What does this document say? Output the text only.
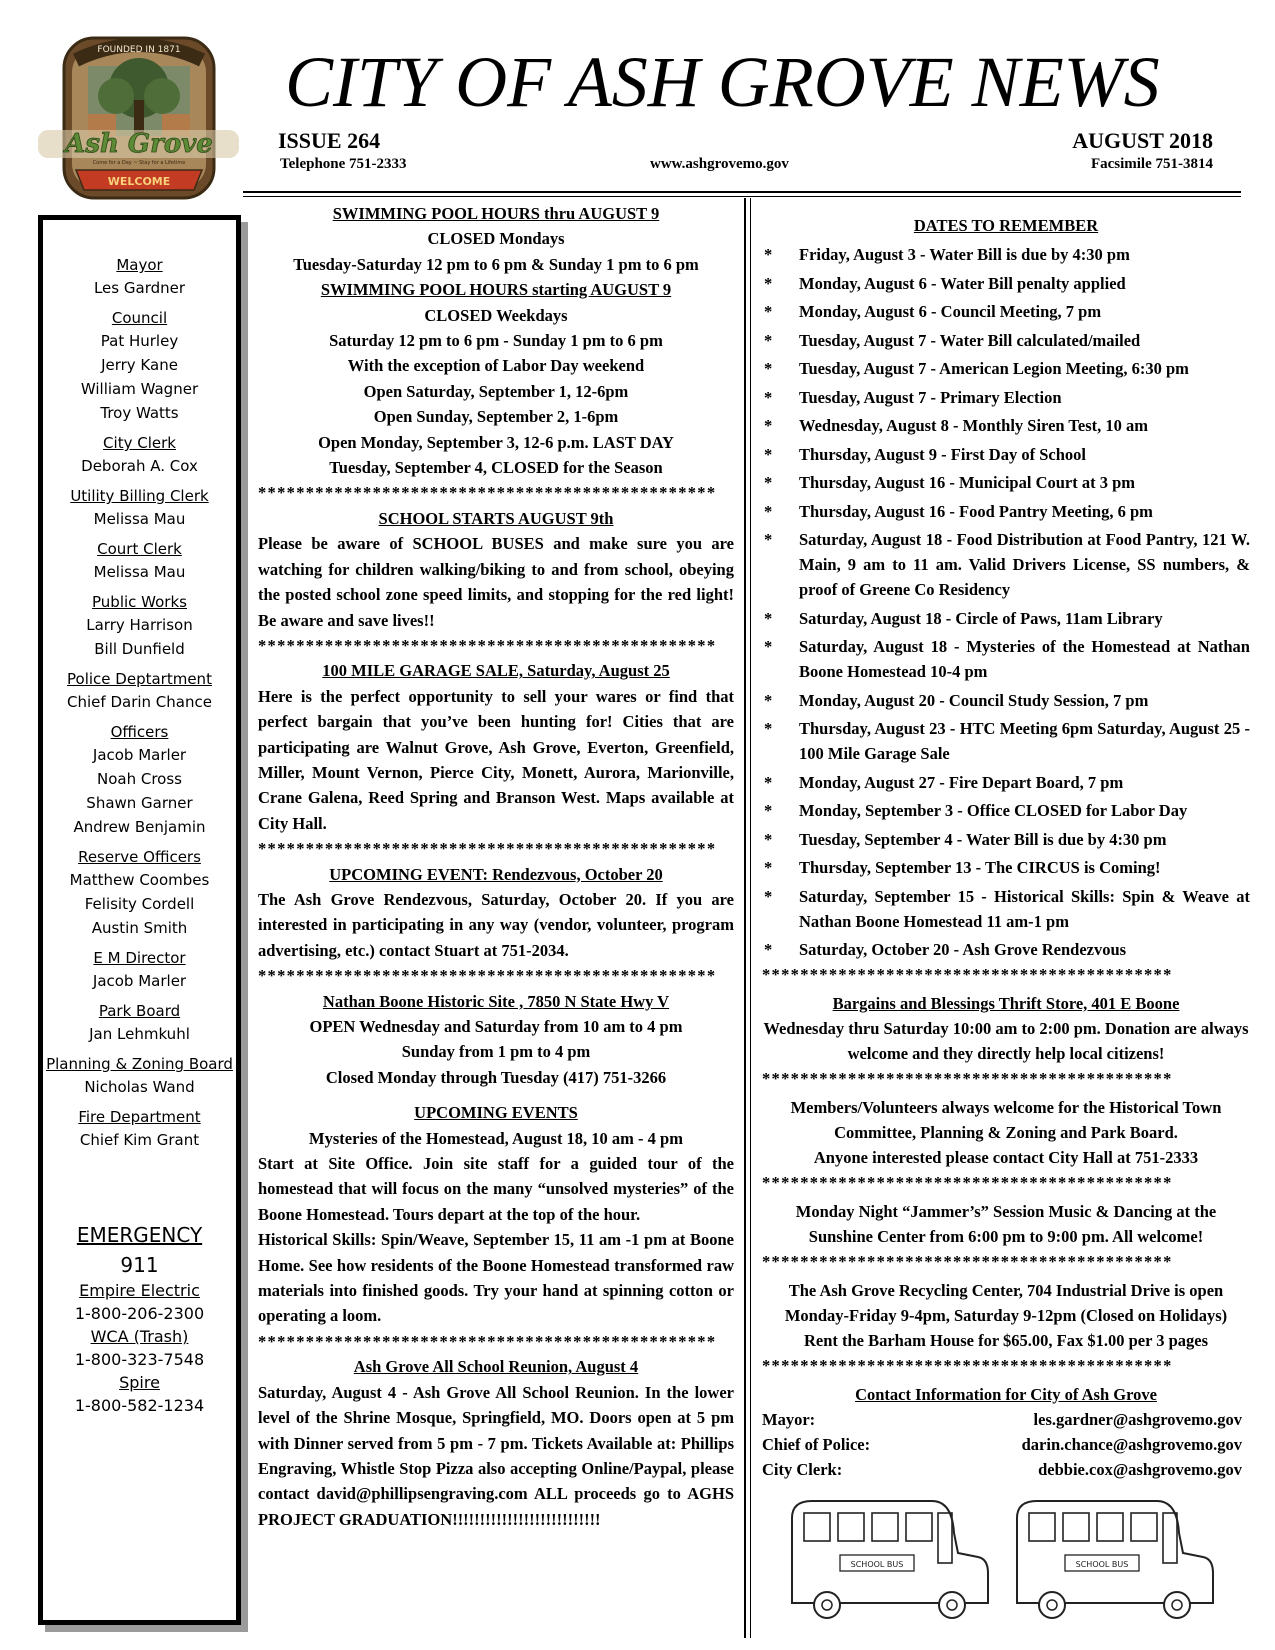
FOUNDED IN 1871
Ash Grove
Come for a Day ~ Stay for a Lifetime
WELCOME
CITY OF ASH GROVE NEWS
ISSUE 264	AUGUST 2018
Telephone 751-2333	www.ashgrovemo.gov	Facsimile 751-3814
Mayor
Les Gardner
Council
Pat Hurley
Jerry Kane
William Wagner
Troy Watts
City Clerk
Deborah A. Cox
Utility Billing Clerk
Melissa Mau
Court Clerk
Melissa Mau
Public Works
Larry Harrison
Bill Dunfield
Police Deptartment
Chief Darin Chance
Officers
Jacob Marler
Noah Cross
Shawn Garner
Andrew Benjamin
Reserve Officers
Matthew Coombes
Felisity Cordell
Austin Smith
E M Director
Jacob Marler
Park Board
Jan Lehmkuhl
Planning & Zoning Board
Nicholas Wand
Fire Department
Chief Kim Grant
EMERGENCY
911
Empire Electric
1-800-206-2300
WCA (Trash)
1-800-323-7548
Spire
1-800-582-1234
SWIMMING POOL HOURS thru AUGUST 9
CLOSED Mondays
Tuesday-Saturday 12 pm to 6 pm & Sunday 1 pm to 6 pm
SWIMMING POOL HOURS starting AUGUST 9
CLOSED Weekdays
Saturday 12 pm to 6 pm - Sunday 1 pm to 6 pm
With the exception of Labor Day weekend
Open Saturday, September 1, 12-6pm
Open Sunday, September 2, 1-6pm
Open Monday, September 3, 12-6 p.m. LAST DAY
Tuesday, September 4, CLOSED for the Season
************************************************
SCHOOL STARTS AUGUST 9th
Please be aware of SCHOOL BUSES and make sure you are watching for children walking/biking to and from school, obeying the posted school zone speed limits, and stopping for the red light! Be aware and save lives!!
************************************************
100 MILE GARAGE SALE, Saturday, August 25
Here is the perfect opportunity to sell your wares or find that perfect bargain that you’ve been hunting for! Cities that are participating are Walnut Grove, Ash Grove, Everton, Greenfield, Miller, Mount Vernon, Pierce City, Monett, Aurora, Marionville, Crane Galena, Reed Spring and Branson West. Maps available at City Hall.
************************************************
UPCOMING EVENT: Rendezvous, October 20
The Ash Grove Rendezvous, Saturday, October 20. If you are interested in participating in any way (vendor, volunteer, program advertising, etc.) contact Stuart at 751-2034.
************************************************
Nathan Boone Historic Site , 7850 N State Hwy V
OPEN Wednesday and Saturday from 10 am to 4 pm
Sunday from 1 pm to 4 pm
Closed Monday through Tuesday (417) 751-3266
UPCOMING EVENTS
Mysteries of the Homestead, August 18, 10 am - 4 pm
Start at Site Office. Join site staff for a guided tour of the homestead that will focus on the many “unsolved mysteries” of the Boone Homestead. Tours depart at the top of the hour.
Historical Skills: Spin/Weave, September 15, 11 am -1 pm at Boone Home. See how residents of the Boone Homestead transformed raw materials into finished goods. Try your hand at spinning cotton or operating a loom.
************************************************
Ash Grove All School Reunion, August 4
Saturday, August 4 - Ash Grove All School Reunion. In the lower level of the Shrine Mosque, Springfield, MO. Doors open at 5 pm with Dinner served from 5 pm - 7 pm. Tickets Available at: Phillips Engraving, Whistle Stop Pizza also accepting Online/Paypal, please contact david@phillipsengraving.com ALL proceeds go to AGHS PROJECT GRADUATION!!!!!!!!!!!!!!!!!!!!!!!!!!!
DATES TO REMEMBER
* Friday, August 3 - Water Bill is due by 4:30 pm
* Monday, August 6 - Water Bill penalty applied
* Monday, August 6 - Council Meeting, 7 pm
* Tuesday, August 7 - Water Bill calculated/mailed
* Tuesday, August 7 - American Legion Meeting, 6:30 pm
* Tuesday, August 7 - Primary Election
* Wednesday, August 8 - Monthly Siren Test, 10 am
* Thursday, August 9 - First Day of School
* Thursday, August 16 - Municipal Court at 3 pm
* Thursday, August 16 - Food Pantry Meeting, 6 pm
* Saturday, August 18 - Food Distribution at Food Pantry, 121 W. Main, 9 am to 11 am. Valid Drivers License, SS numbers, & proof of Greene Co Residency
* Saturday, August 18 - Circle of Paws, 11am Library
* Saturday, August 18 - Mysteries of the Homestead at Nathan Boone Homestead 10-4 pm
* Monday, August 20 - Council Study Session, 7 pm
* Thursday, August 23 - HTC Meeting 6pm Saturday, August 25 - 100 Mile Garage Sale
* Monday, August 27 - Fire Depart Board, 7 pm
* Monday, September 3 - Office CLOSED for Labor Day
* Tuesday, September 4 - Water Bill is due by 4:30 pm
* Thursday, September 13 - The CIRCUS is Coming!
* Saturday, September 15 - Historical Skills: Spin & Weave at Nathan Boone Homestead 11 am-1 pm
* Saturday, October 20 - Ash Grove Rendezvous
*******************************************
Bargains and Blessings Thrift Store, 401 E Boone
Wednesday thru Saturday 10:00 am to 2:00 pm. Donation are always welcome and they directly help local citizens!
*******************************************
Members/Volunteers always welcome for the Historical Town Committee, Planning & Zoning and Park Board.
Anyone interested please contact City Hall at 751-2333
*******************************************
Monday Night “Jammer’s” Session Music & Dancing at the Sunshine Center from 6:00 pm to 9:00 pm. All welcome!
*******************************************
The Ash Grove Recycling Center, 704 Industrial Drive is open Monday-Friday 9-4pm, Saturday 9-12pm (Closed on Holidays)
Rent the Barham House for $65.00, Fax $1.00 per 3 pages
*******************************************
Contact Information for City of Ash Grove
Mayor:	les.gardner@ashgrovemo.gov
Chief of Police:	darin.chance@ashgrovemo.gov
City Clerk:	debbie.cox@ashgrovemo.gov
SCHOOL BUS	SCHOOL BUS
